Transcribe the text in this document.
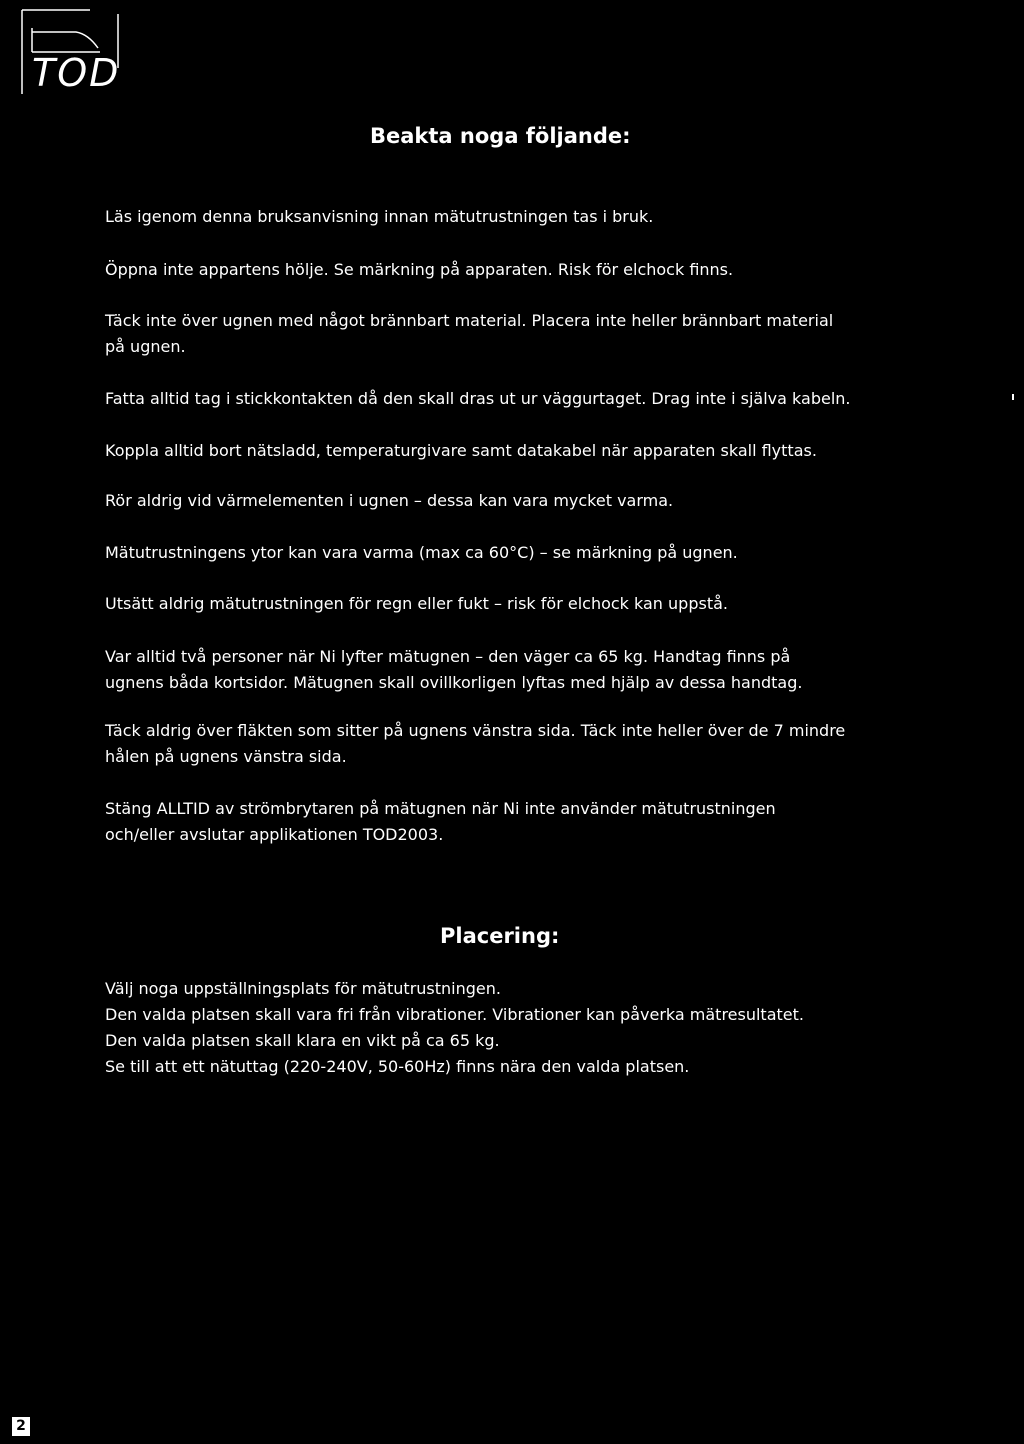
TOD
Beakta noga följande:

Läs igenom denna bruksanvisning innan mätutrustningen tas i bruk.

Öppna inte appartens hölje. Se märkning på apparaten. Risk för elchock finns.

Täck inte över ugnen med något brännbart material. Placera inte heller brännbart material
på ugnen.

Fatta alltid tag i stickkontakten då den skall dras ut ur väggurtaget. Drag inte i själva kabeln.

Koppla alltid bort nätsladd, temperaturgivare samt datakabel när apparaten skall flyttas.

Rör aldrig vid värmelementen i ugnen – dessa kan vara mycket varma.

Mätutrustningens ytor kan vara varma (max ca 60°C) – se märkning på ugnen.

Utsätt aldrig mätutrustningen för regn eller fukt – risk för elchock kan uppstå.

Var alltid två personer när Ni lyfter mätugnen – den väger ca 65 kg. Handtag finns på
ugnens båda kortsidor. Mätugnen skall ovillkorligen lyftas med hjälp av dessa handtag.

Täck aldrig över fläkten som sitter på ugnens vänstra sida. Täck inte heller över de 7 mindre
hålen på ugnens vänstra sida.

Stäng ALLTID av strömbrytaren på mätugnen när Ni inte använder mätutrustningen
och/eller avslutar applikationen TOD2003.

Placering:
Välj noga uppställningsplats för mätutrustningen.
Den valda platsen skall vara fri från vibrationer. Vibrationer kan påverka mätresultatet.
Den valda platsen skall klara en vikt på ca 65 kg.
Se till att ett nätuttag (220-240V, 50-60Hz) finns nära den valda platsen.
2
